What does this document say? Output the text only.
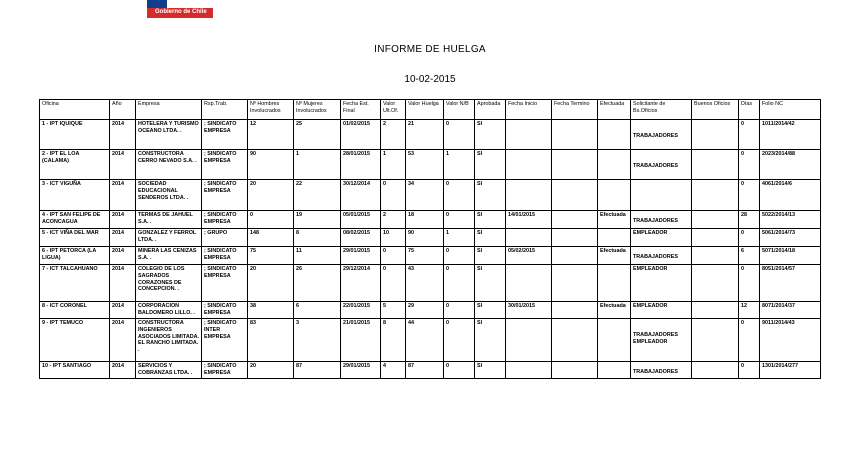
Gobierno de Chile
INFORME DE HUELGA
10-02-2015
Oficina	Año	Empresa	Rsp.Trab.	Nº Hombres Involucrados	Nº Mujeres Involucrados	Fecha Est. Final	Valor Ult.Of.	Valor Huelga	Valor N/B	Aprobada	Fecha Inicio	Fecha Termino	Efectuada	Solicitante de Bs.Oficios	Buenos Oficios	Días	Folio NC
1 - IPT IQUIQUE	2014	HOTELERA Y TURISMO OCEANO LTDA. .	; SINDICATO EMPRESA	12	25	01/02/2015	2	21	0	SI				TRABAJADORES		0	1011/2014/42
2 - IPT EL LOA (CALAMA)	2014	CONSTRUCTORA CERRO NEVADO S.A. .	; SINDICATO EMPRESA	90	1	28/01/2015	1	53	1	SI				TRABAJADORES		0	2023/2014/88
3 - ICT VIGUÑA	2014	SOCIEDAD EDUCACIONAL SENDEROS LTDA. .	; SINDICATO EMPRESA	20	22	30/12/2014	0	34	0	SI						0	4061/2014/6
4 - IPT SAN FELIPE DE ACONCAGUA	2014	TERMAS DE JAHUEL S.A. .	; SINDICATO EMPRESA	0	19	05/01/2015	2	18	0	SI	14/01/2015		Efectuada	TRABAJADORES		28	5022/2014/13
5 - ICT VIÑA DEL MAR	2014	GONZALEZ Y FERROL LTDA. .	; GRUPO	148	8	08/02/2015	10	90	1	SI				EMPLEADOR		0	5061/2014/73
6 - IPT PETORCA (LA LIGUA)	2014	MINERA LAS CENIZAS S.A. .	; SINDICATO EMPRESA	75	11	29/01/2015	0	75	0	SI	05/02/2015		Efectuada	TRABAJADORES		6	5071/2014/18
7 - ICT TALCAHUANO	2014	COLEGIO DE LOS SAGRADOS CORAZONES DE CONCEPCION. .	; SINDICATO EMPRESA	20	26	29/12/2014	0	43	0	SI				EMPLEADOR		0	8051/2014/57
8 - ICT CORONEL	2014	CORPORACION BALDOMERO LILLO. .	; SINDICATO EMPRESA	38	6	22/01/2015	5	29	0	SI	30/01/2015		Efectuada	EMPLEADOR		12	8071/2014/37
9 - IPT TEMUCO	2014	CONSTRUCTORA INGENIEROS ASOCIADOS LIMITADA. EL RANCHO LIMITADA. .	; SINDICATO INTER EMPRESA	83	3	21/01/2015	8	44	0	SI				TRABAJADORES EMPLEADOR		0	9011/2014/43
10 - IPT SANTIAGO	2014	SERVICIOS Y COBRANZAS LTDA. .	; SINDICATO EMPRESA	20	87	29/01/2015	4	87	0	SI				TRABAJADORES		0	1301/2014/277
